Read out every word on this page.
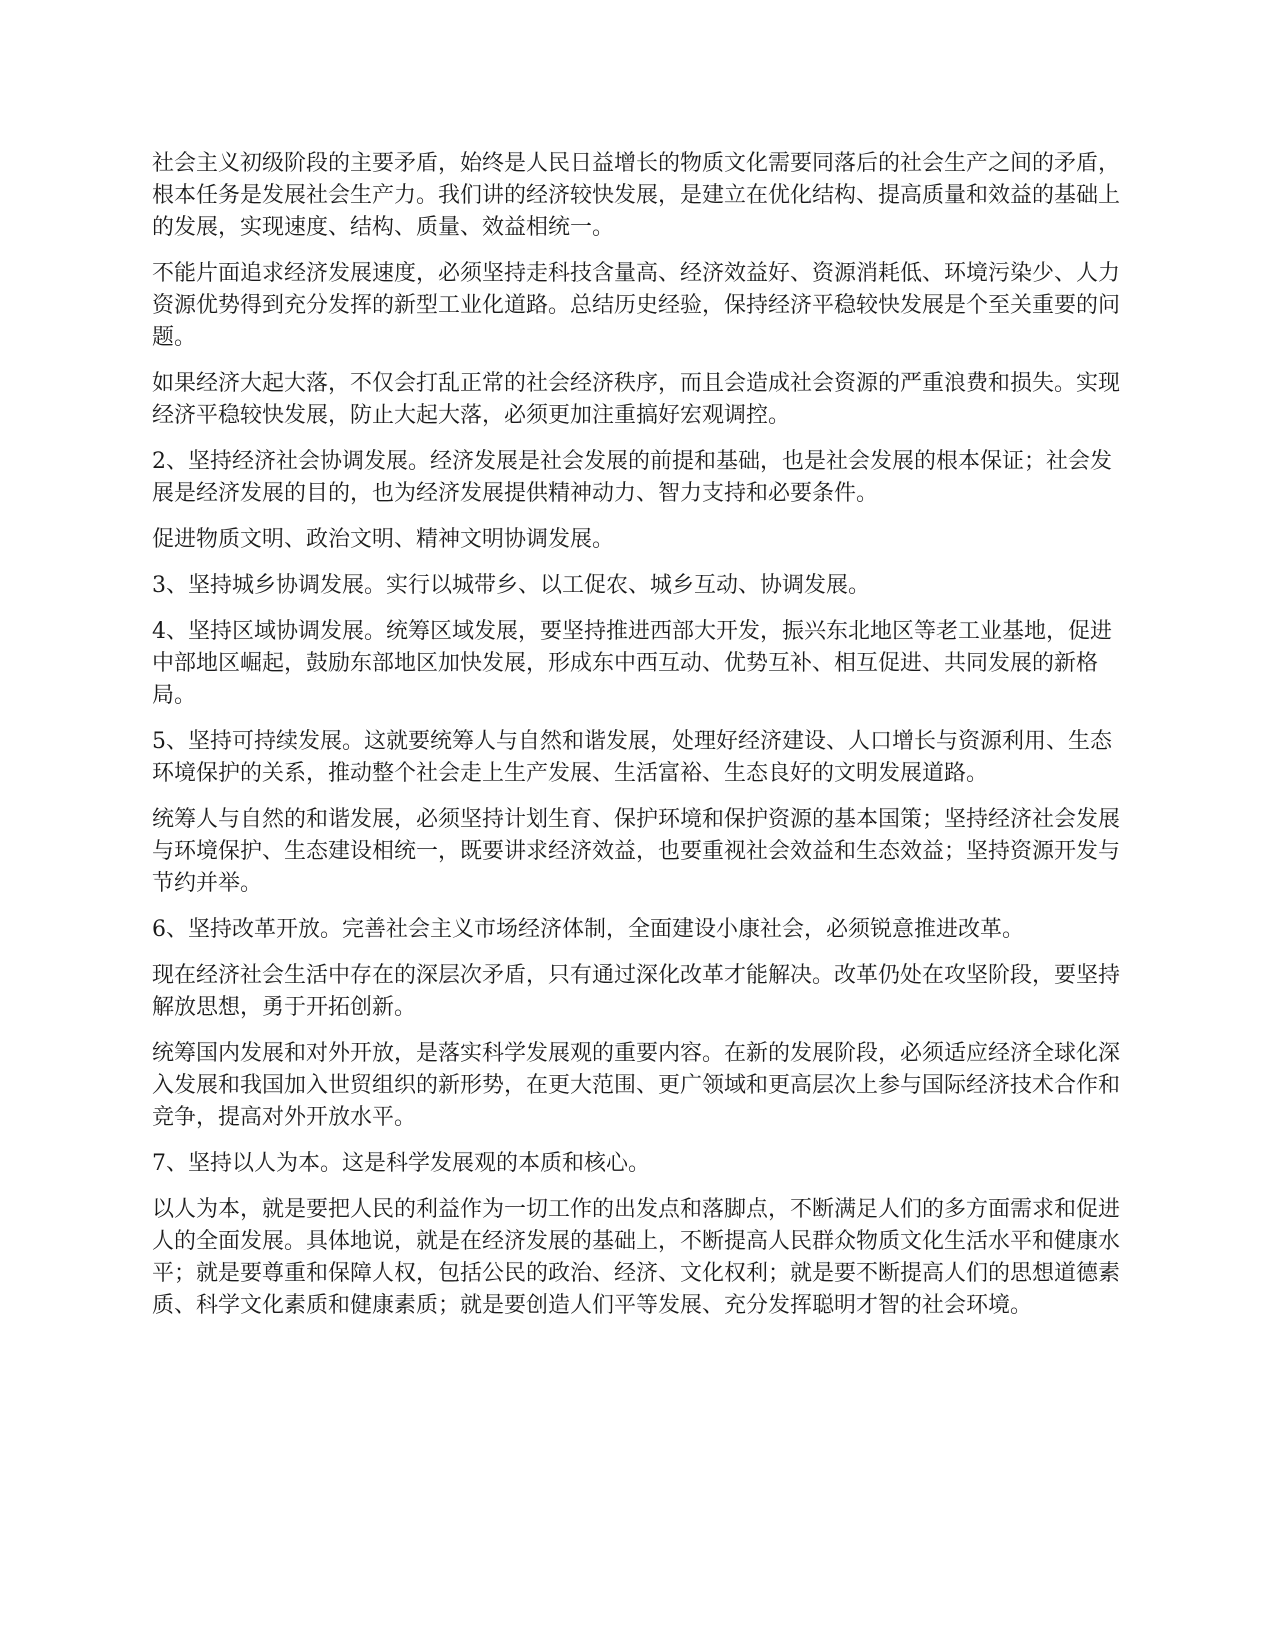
社会主义初级阶段的主要矛盾，始终是人民日益增长的物质文化需要同落后的社会生产之间的矛盾，根本任务是发展社会生产力。我们讲的经济较快发展，是建立在优化结构、提高质量和效益的基础上的发展，实现速度、结构、质量、效益相统一。

不能片面追求经济发展速度，必须坚持走科技含量高、经济效益好、资源消耗低、环境污染少、人力资源优势得到充分发挥的新型工业化道路。总结历史经验，保持经济平稳较快发展是个至关重要的问题。

如果经济大起大落，不仅会打乱正常的社会经济秩序，而且会造成社会资源的严重浪费和损失。实现经济平稳较快发展，防止大起大落，必须更加注重搞好宏观调控。

2、坚持经济社会协调发展。经济发展是社会发展的前提和基础，也是社会发展的根本保证；社会发展是经济发展的目的，也为经济发展提供精神动力、智力支持和必要条件。

促进物质文明、政治文明、精神文明协调发展。

3、坚持城乡协调发展。实行以城带乡、以工促农、城乡互动、协调发展。

4、坚持区域协调发展。统筹区域发展，要坚持推进西部大开发，振兴东北地区等老工业基地，促进中部地区崛起，鼓励东部地区加快发展，形成东中西互动、优势互补、相互促进、共同发展的新格局。

5、坚持可持续发展。这就要统筹人与自然和谐发展，处理好经济建设、人口增长与资源利用、生态环境保护的关系，推动整个社会走上生产发展、生活富裕、生态良好的文明发展道路。

统筹人与自然的和谐发展，必须坚持计划生育、保护环境和保护资源的基本国策；坚持经济社会发展与环境保护、生态建设相统一，既要讲求经济效益，也要重视社会效益和生态效益；坚持资源开发与节约并举。

6、坚持改革开放。完善社会主义市场经济体制，全面建设小康社会，必须锐意推进改革。

现在经济社会生活中存在的深层次矛盾，只有通过深化改革才能解决。改革仍处在攻坚阶段，要坚持解放思想，勇于开拓创新。

统筹国内发展和对外开放，是落实科学发展观的重要内容。在新的发展阶段，必须适应经济全球化深入发展和我国加入世贸组织的新形势，在更大范围、更广领域和更高层次上参与国际经济技术合作和竞争，提高对外开放水平。

7、坚持以人为本。这是科学发展观的本质和核心。

以人为本，就是要把人民的利益作为一切工作的出发点和落脚点，不断满足人们的多方面需求和促进人的全面发展。具体地说，就是在经济发展的基础上，不断提高人民群众物质文化生活水平和健康水平；就是要尊重和保障人权，包括公民的政治、经济、文化权利；就是要不断提高人们的思想道德素质、科学文化素质和健康素质；就是要创造人们平等发展、充分发挥聪明才智的社会环境。
